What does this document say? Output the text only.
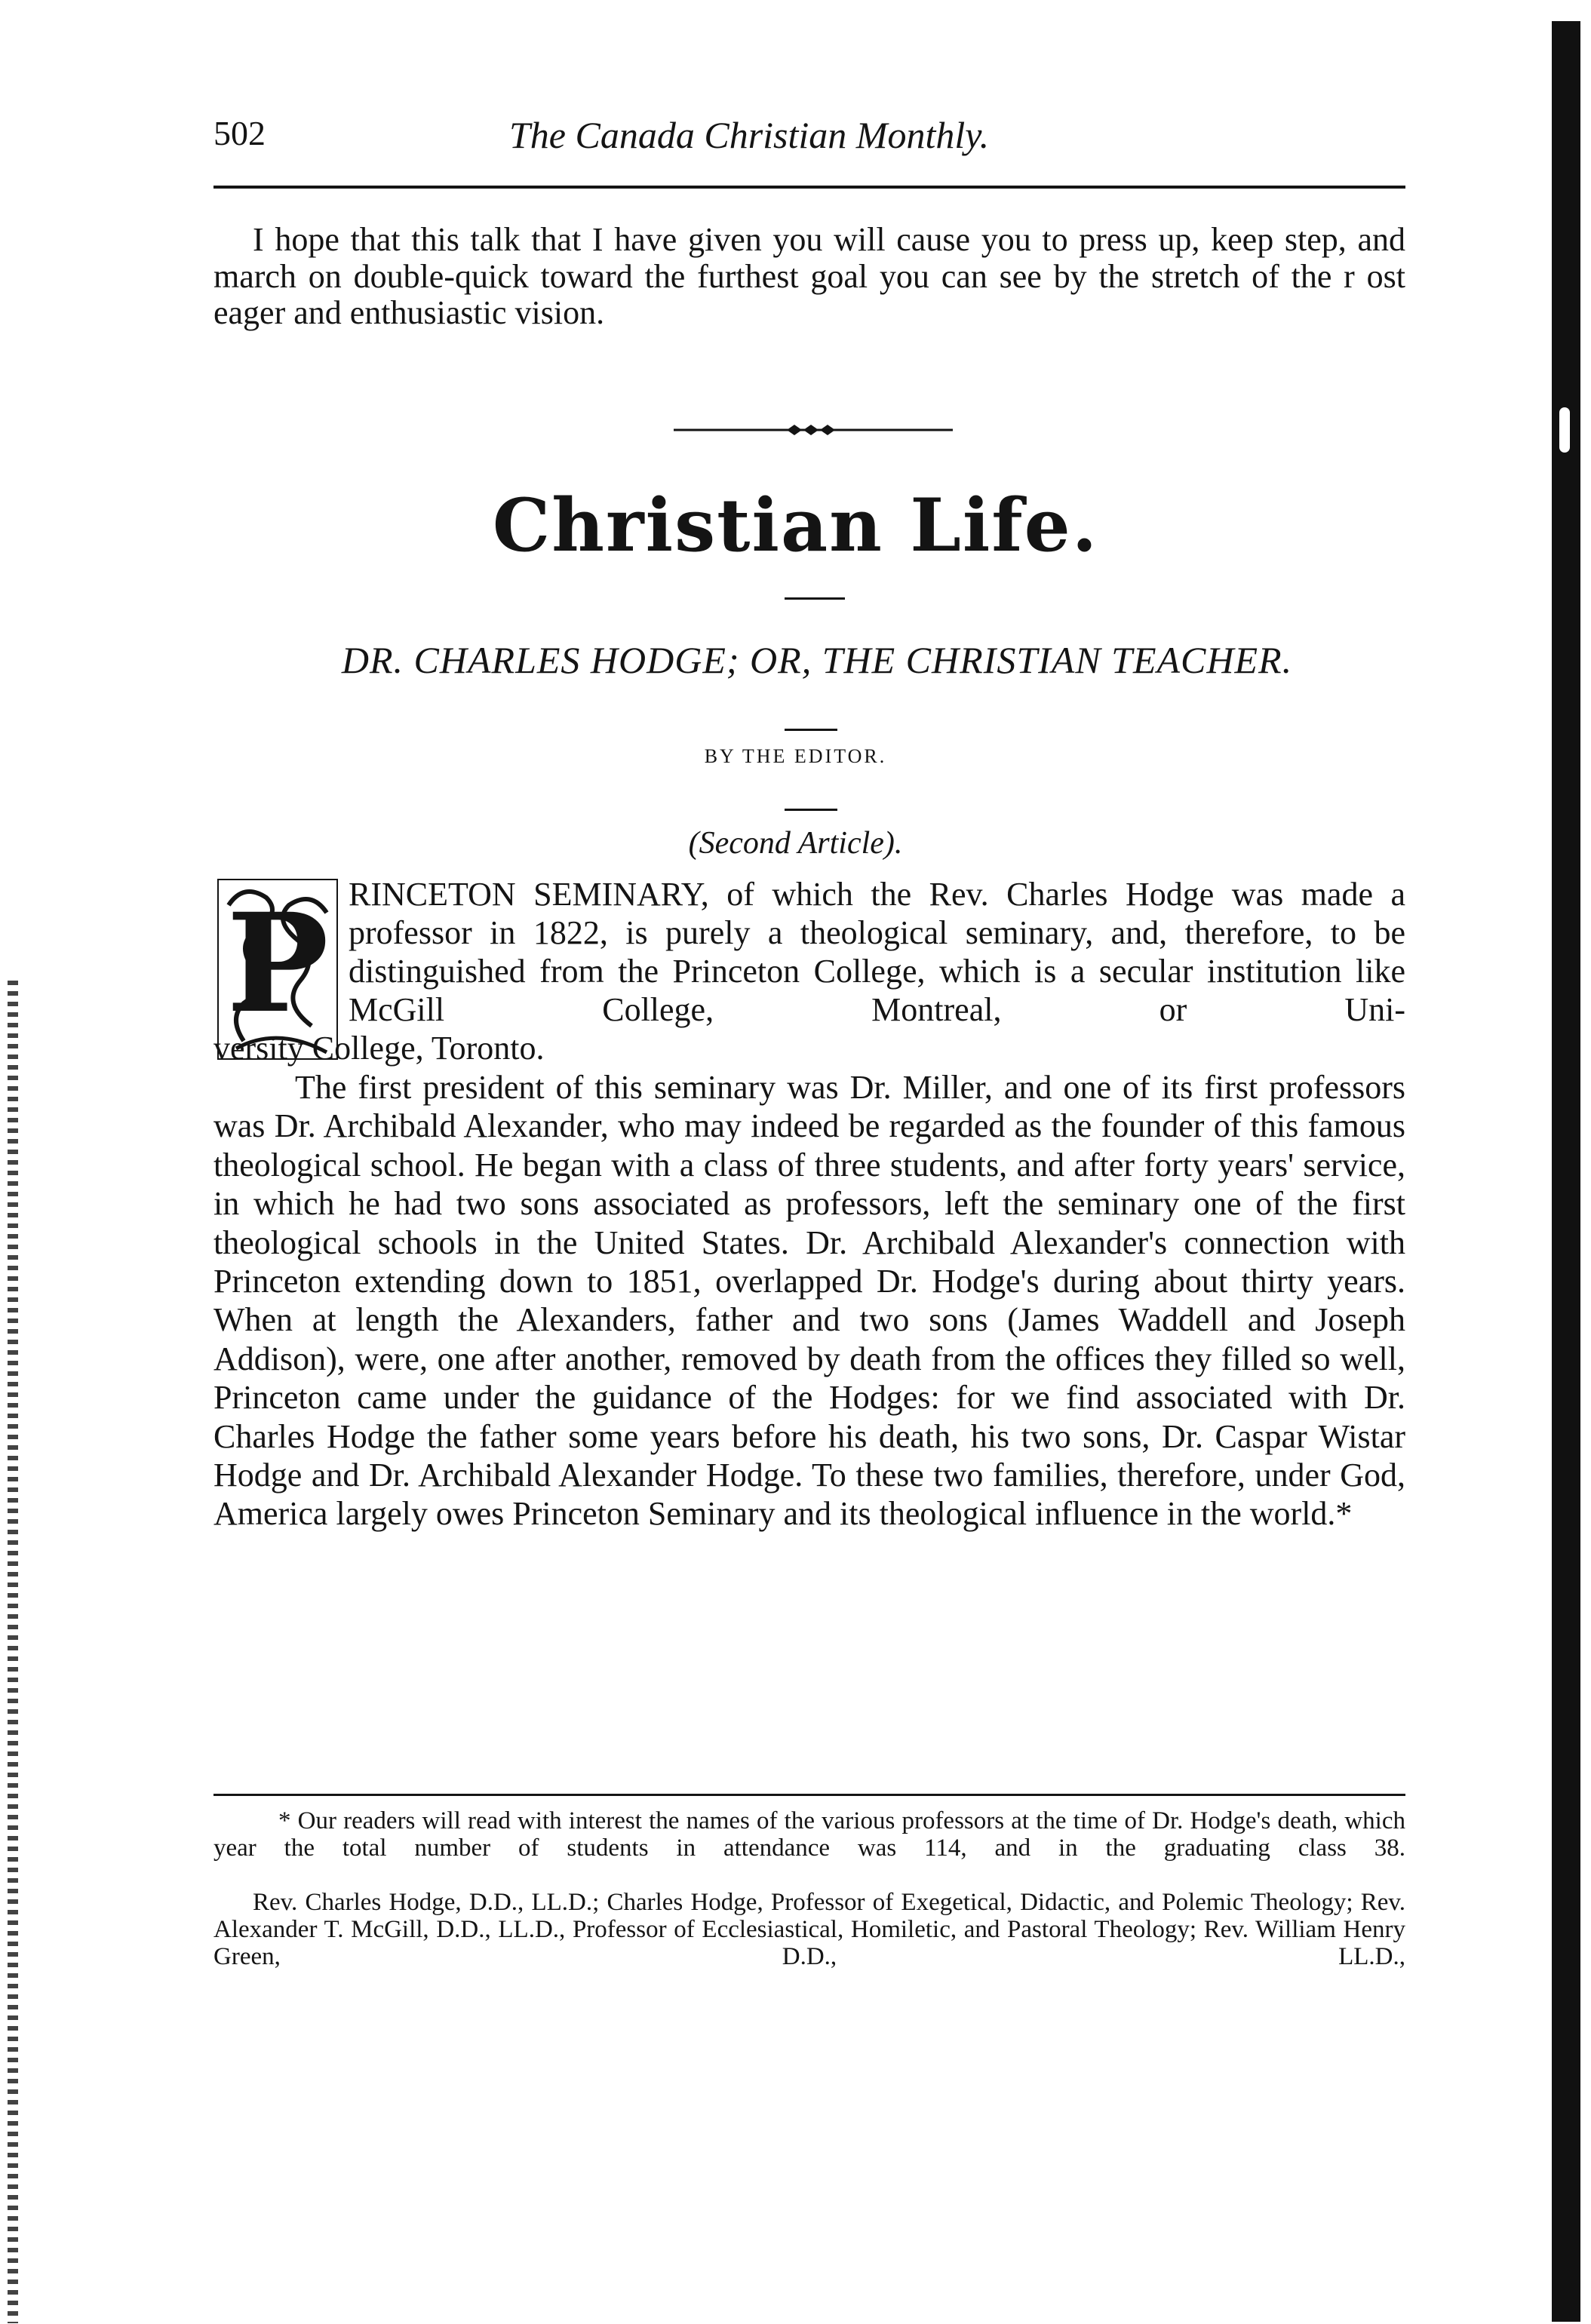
502	The Canada Christian Monthly.
I hope that this talk that I have given you will cause you to press up, keep step, and march on double-quick toward the furthest goal you can see by the stretch of the r ost eager and enthusiastic vision.
Christian Life.
DR. CHARLES HODGE; OR, THE CHRISTIAN TEACHER.
BY THE EDITOR.
(Second Article).
P RINCETON SEMINARY, of which the Rev. Charles Hodge was made a professor in 1822, is purely a theological seminary, and, therefore, to be distinguished from the Princeton College, which is a secular institution like McGill College, Montreal, or Uni-
versity College, Toronto.
The first president of this seminary was Dr. Miller, and one of its first professors was Dr. Archibald Alexander, who may indeed be regarded as the founder of this famous theological school. He began with a class of three students, and after forty years' service, in which he had two sons associated as professors, left the seminary one of the first theological schools in the United States. Dr. Archibald Alexander's connection with Princeton extending down to 1851, overlapped Dr. Hodge's during about thirty years. When at length the Alexanders, father and two sons (James Waddell and Joseph Addison), were, one after another, removed by death from the offices they filled so well, Princeton came under the guidance of the Hodges: for we find associated with Dr. Charles Hodge the father some years before his death, his two sons, Dr. Caspar Wistar Hodge and Dr. Archibald Alexander Hodge. To these two families, therefore, under God, America largely owes Princeton Seminary and its theological influence in the world.*
* Our readers will read with interest the names of the various professors at the time of Dr. Hodge's death, which year the total number of students in attendance was 114, and in the graduating class 38.
Rev. Charles Hodge, D.D., LL.D.; Charles Hodge, Professor of Exegetical, Didactic, and Polemic Theology; Rev. Alexander T. McGill, D.D., LL.D., Professor of Ecclesiastical, Homiletic, and Pastoral Theology; Rev. William Henry Green, D.D., LL.D.,
